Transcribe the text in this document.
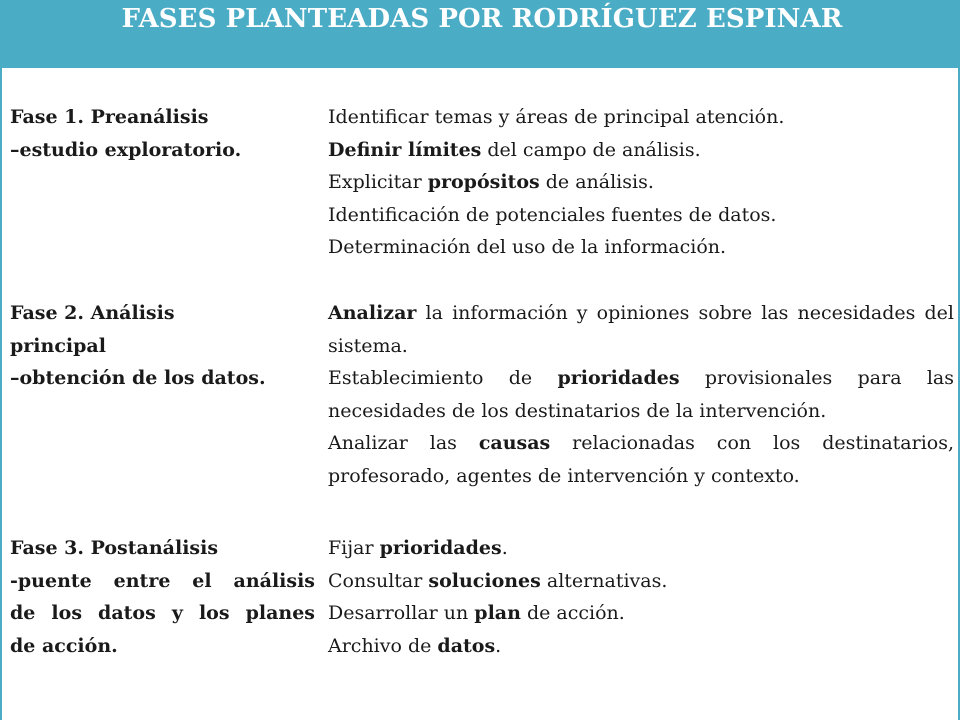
FASES PLANTEADAS POR RODRÍGUEZ ESPINAR
Fase 1. Preanálisis
–estudio exploratorio.
Identificar temas y áreas de principal atención.
Definir límites del campo de análisis.
Explicitar propósitos de análisis.
Identificación de potenciales fuentes de datos.
Determinación del uso de la información.
Fase 2. Análisis
principal
–obtención de los datos.
Analizar la información y opiniones sobre las necesidades del sistema.
Establecimiento de prioridades provisionales para las necesidades de los destinatarios de la intervención.
Analizar las causas relacionadas con los destinatarios, profesorado, agentes de intervención y contexto.
Fase 3. Postanálisis
-puente entre el análisis
de los datos y los planes
de acción.
Fijar prioridades.
Consultar soluciones alternativas.
Desarrollar un plan de acción.
Archivo de datos.
